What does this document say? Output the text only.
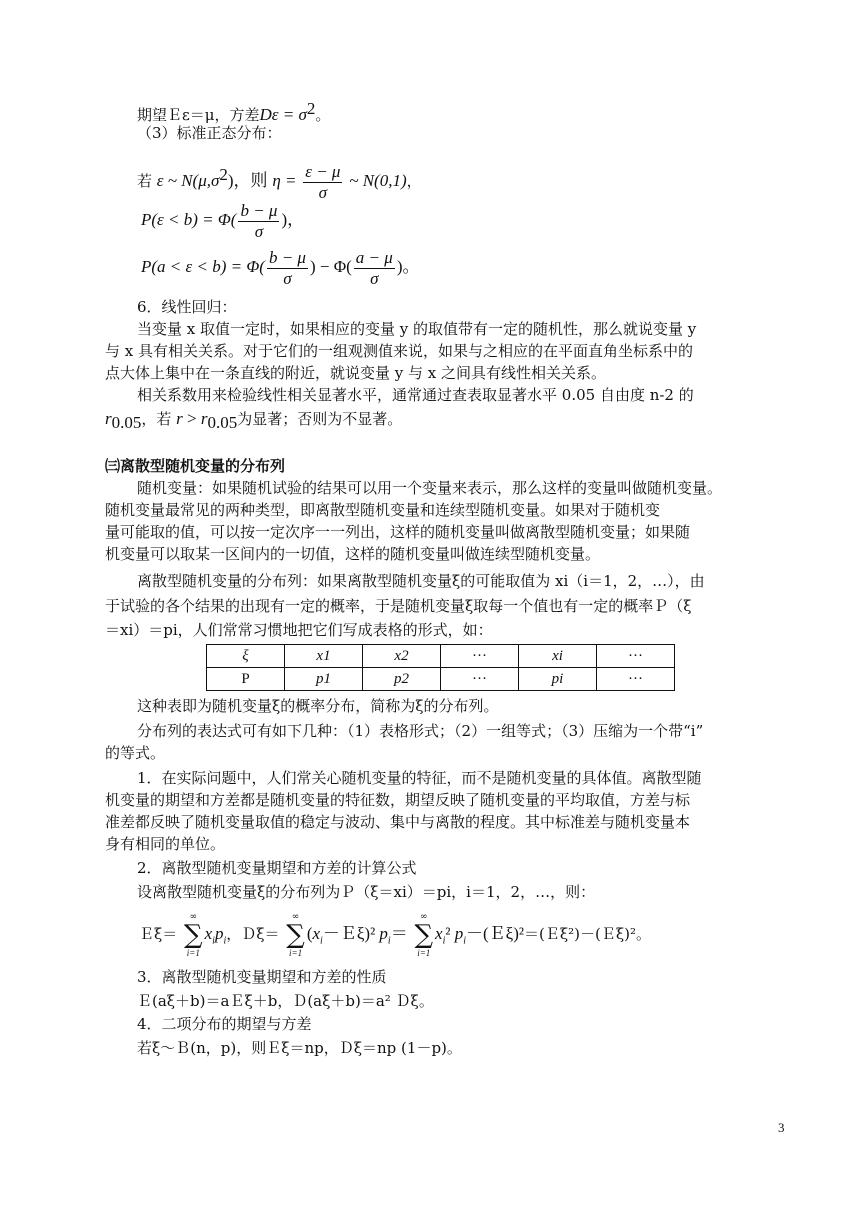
期望Ｅε＝μ，方差$D\varepsilon = \sigma^2$。
（3）标准正态分布：
若 ε ~ $N(\mu,\sigma^2)$，则 $\eta = \frac{\varepsilon - \mu}{\sigma}$ ~ N(0,1)，
$P(\varepsilon < b) = \Phi( \frac{b - \mu}{\sigma}$ )，
$P(a < \varepsilon < b) = \Phi( \frac{b - \mu}{\sigma}$ ) − $\Phi( \frac{a - \mu}{\sigma}$ )。
6．线性回归：
当变量 x 取值一定时，如果相应的变量 y 的取值带有一定的随机性，那么就说变量 y
与 x 具有相关关系。对于它们的一组观测值来说，如果与之相应的在平面直角坐标系中的
点大体上集中在一条直线的附近，就说变量 y 与 x 之间具有线性相关关系。
相关系数用来检验线性相关显著水平，通常通过查表取显著水平 0.05 自由度 n-2 的
$r_{0.05}$，若 $r > r_{0.05}$为显著；否则为不显著。
㈢离散型随机变量的分布列
随机变量：如果随机试验的结果可以用一个变量来表示，那么这样的变量叫做随机变量。
随机变量最常见的两种类型，即离散型随机变量和连续型随机变量。如果对于随机变
量可能取的值，可以按一定次序一一列出，这样的随机变量叫做离散型随机变量；如果随
机变量可以取某一区间内的一切值，这样的随机变量叫做连续型随机变量。
离散型随机变量的分布列：如果离散型随机变量ξ的可能取值为 xi（i＝1，2，…），由
于试验的各个结果的出现有一定的概率，于是随机变量ξ取每一个值也有一定的概率Ｐ（ξ
＝xi）＝pi，人们常常习惯地把它们写成表格的形式，如：
ξ	x1	x2	···	xi	···
P	p1	p2	···	pi	···
这种表即为随机变量ξ的概率分布，简称为ξ的分布列。
分布列的表达式可有如下几种：（1）表格形式；（2）一组等式；（3）压缩为一个带“i”
的等式。
1．在实际问题中，人们常关心随机变量的特征，而不是随机变量的具体值。离散型随
机变量的期望和方差都是随机变量的特征数，期望反映了随机变量的平均取值，方差与标
准差都反映了随机变量取值的稳定与波动、集中与离散的程度。其中标准差与随机变量本
身有相同的单位。
2．离散型随机变量期望和方差的计算公式
设离散型随机变量ξ的分布列为Ｐ（ξ＝xi）＝pi，i＝1，2，…，则：
Ｅξ＝
∞
∑
i=1
$x_ip_i$，Ｄξ＝
∞
∑
i=1
$(x_i-E\xi)^2$ $p_i=$
∞
∑
i=1
$x_i^2$ $p_i-(E\xi)^2=(E\xi^2)-(E\xi)^2$。
3．离散型随机变量期望和方差的性质
Ｅ(aξ＋b)＝aＥξ＋b，Ｄ(aξ＋b)＝a² Ｄξ。
4．二项分布的期望与方差
若ξ～Ｂ(n，p)，则Ｅξ＝np，Ｄξ＝np (1－p)。
3
